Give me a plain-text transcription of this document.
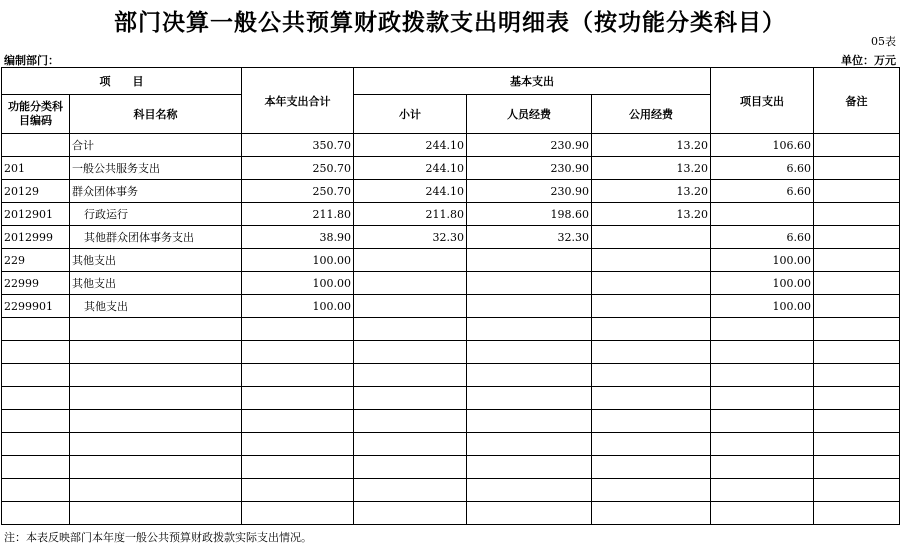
部门决算一般公共预算财政拨款支出明细表（按功能分类科目）
05表
编制部门：	单位：万元
项　　目		本年支出合计	基本支出			项目支出	备注
功能分类科目编码	科目名称		小计	人员经费	公用经费		
	合计	350.70	244.10	230.90	13.20	106.60	
201	一般公共服务支出	250.70	244.10	230.90	13.20	6.60	
20129	群众团体事务	250.70	244.10	230.90	13.20	6.60	
2012901	行政运行	211.80	211.80	198.60	13.20		
2012999	其他群众团体事务支出	38.90	32.30	32.30		6.60	
229	其他支出	100.00				100.00	
22999	其他支出	100.00				100.00	
2299901	其他支出	100.00				100.00	

注：本表反映部门本年度一般公共预算财政拨款实际支出情况。
